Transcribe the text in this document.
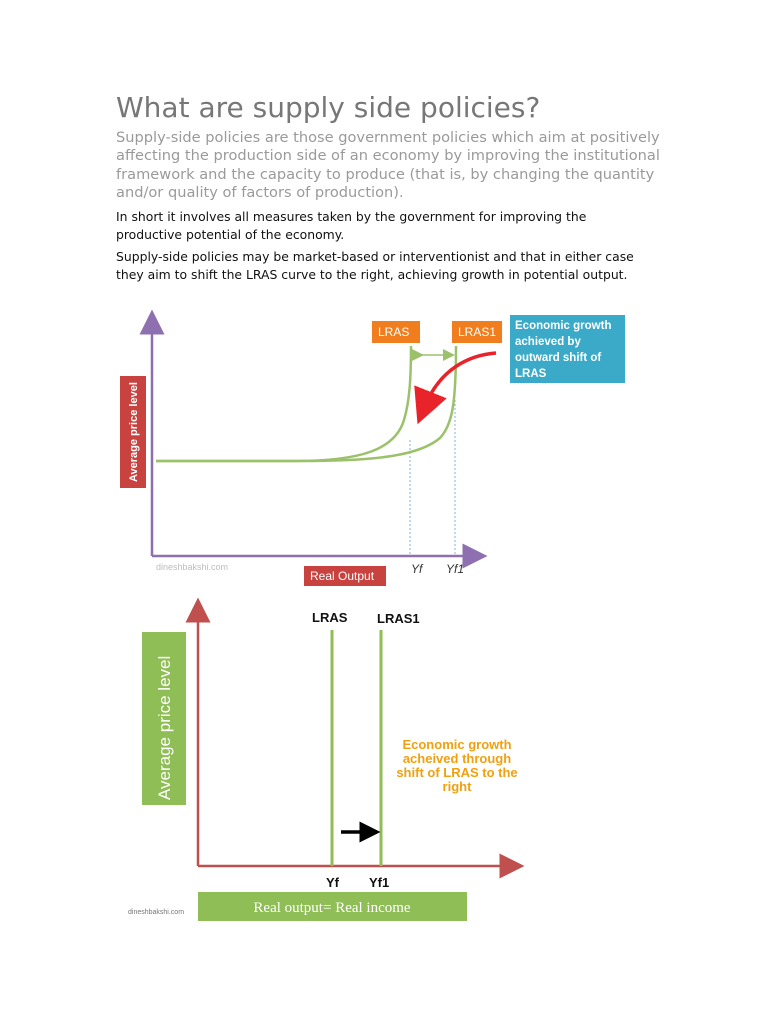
What are supply side policies?

Supply-side policies are those government policies which aim at positively affecting the production side of an economy by improving the institutional framework and the capacity to produce (that is, by changing the quantity and/or quality of factors of production).

In short it involves all measures taken by the government for improving the productive potential of the economy.

Supply-side policies may be market-based or interventionist and that in either case they aim to shift the LRAS curve to the right, achieving growth in potential output.

LRAS	LRAS1 Economic growth
achieved by
outward shift of
LRAS
Average price level
Yf Yf1
Real Output
dineshbakshi.com
LRAS LRAS1
Economic growth
acheived through
shift of LRAS to the
right
Average price level
Yf Yf1
Real output= Real income
dineshbakshi.com
